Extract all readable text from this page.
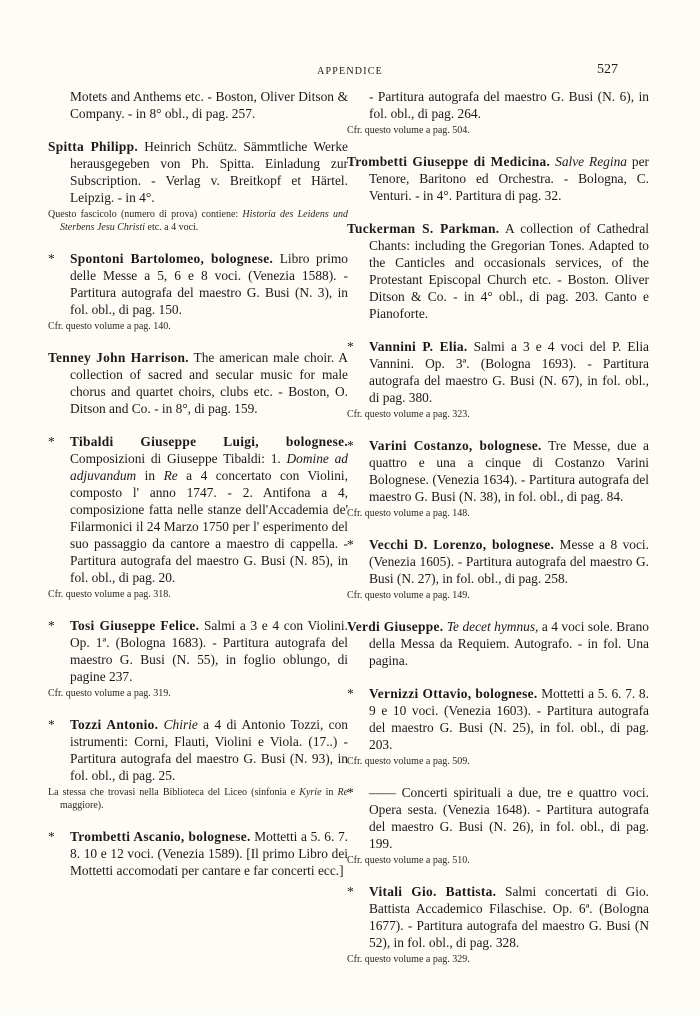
APPENDICE	527
Motets and Anthems etc. - Boston, Oliver Ditson & Company. - in 8° obl., di pag. 257.
Spitta Philipp. Heinrich Schütz. Sämmtliche Werke herausgegeben von Ph. Spitta. Einladung zur Subscription. - Verlag v. Breitkopf et Härtel. Leipzig. - in 4°.
Questo fascicolo (numero di prova) contiene: Historia des Leidens und Sterbens Jesu Christi etc. a 4 voci.
*	Spontoni Bartolomeo, bolognese. Libro primo delle Messe a 5, 6 e 8 voci. (Venezia 1588). - Partitura autografa del maestro G. Busi (N. 3), in fol. obl., di pag. 150.
Cfr. questo volume a pag. 140.
Tenney John Harrison. The american male choir. A collection of sacred and secular music for male chorus and quartet choirs, clubs etc. - Boston, O. Ditson and Co. - in 8°, di pag. 159.
*	Tibaldi Giuseppe Luigi, bolognese. Composizioni di Giuseppe Tibaldi: 1. Domine ad adjuvandum in Re a 4 concertato con Violini, composto l' anno 1747. - 2. Antifona a 4, composizione fatta nelle stanze dell'Accademia de' Filarmonici il 24 Marzo 1750 per l' esperimento del suo passaggio da cantore a maestro di cappella. - Partitura autografa del maestro G. Busi (N. 85), in fol. obl., di pag. 20.
Cfr. questo volume a pag. 318.
*	Tosi Giuseppe Felice. Salmi a 3 e 4 con Violini. Op. 1ª. (Bologna 1683). - Partitura autografa del maestro G. Busi (N. 55), in foglio oblungo, di pagine 237.
Cfr. questo volume a pag. 319.
*	Tozzi Antonio. Chirie a 4 di Antonio Tozzi, con istrumenti: Corni, Flauti, Violini e Viola. (17..) - Partitura autografa del maestro G. Busi (N. 93), in fol. obl., di pag. 25.
La stessa che trovasi nella Biblioteca del Liceo (sinfonia e Kyrie in Re maggiore).
*	Trombetti Ascanio, bolognese. Mottetti a 5. 6. 7. 8. 10 e 12 voci. (Venezia 1589). [Il primo Libro dei Mottetti accomodati per cantare e far concerti ecc.]
- Partitura autografa del maestro G. Busi (N. 6), in fol. obl., di pag. 264.
Cfr. questo volume a pag. 504.
Trombetti Giuseppe di Medicina. Salve Regina per Tenore, Baritono ed Orchestra. - Bologna, C. Venturi. - in 4°. Partitura di pag. 32.
Tuckerman S. Parkman. A collection of Cathedral Chants: including the Gregorian Tones. Adapted to the Canticles and occasionals services, of the Protestant Episcopal Church etc. - Boston. Oliver Ditson & Co. - in 4° obl., di pag. 203. Canto e Pianoforte.
*	Vannini P. Elia. Salmi a 3 e 4 voci del P. Elia Vannini. Op. 3ª. (Bologna 1693). - Partitura autografa del maestro G. Busi (N. 67), in fol. obl., di pag. 380.
Cfr. questo volume a pag. 323.
*	Varini Costanzo, bolognese. Tre Messe, due a quattro e una a cinque di Costanzo Varini Bolognese. (Venezia 1634). - Partitura autografa del maestro G. Busi (N. 38), in fol. obl., di pag. 84.
Cfr. questo volume a pag. 148.
*	Vecchi D. Lorenzo, bolognese. Messe a 8 voci. (Venezia 1605). - Partitura autografa del maestro G. Busi (N. 27), in fol. obl., di pag. 258.
Cfr. questo volume a pag. 149.
Verdi Giuseppe. Te decet hymnus, a 4 voci sole. Brano della Messa da Requiem. Autografo. - in fol. Una pagina.
*	Vernizzi Ottavio, bolognese. Mottetti a 5. 6. 7. 8. 9 e 10 voci. (Venezia 1603). - Partitura autografa del maestro G. Busi (N. 25), in fol. obl., di pag. 203.
Cfr. questo volume a pag. 509.
*	—— Concerti spirituali a due, tre e quattro voci. Opera sesta. (Venezia 1648). - Partitura autografa del maestro G. Busi (N. 26), in fol. obl., di pag. 199.
Cfr. questo volume a pag. 510.
*	Vitali Gio. Battista. Salmi concertati di Gio. Battista Accademico Filaschise. Op. 6ª. (Bologna 1677). - Partitura autografa del maestro G. Busi (N 52), in fol. obl., di pag. 328.
Cfr. questo volume a pag. 329.
